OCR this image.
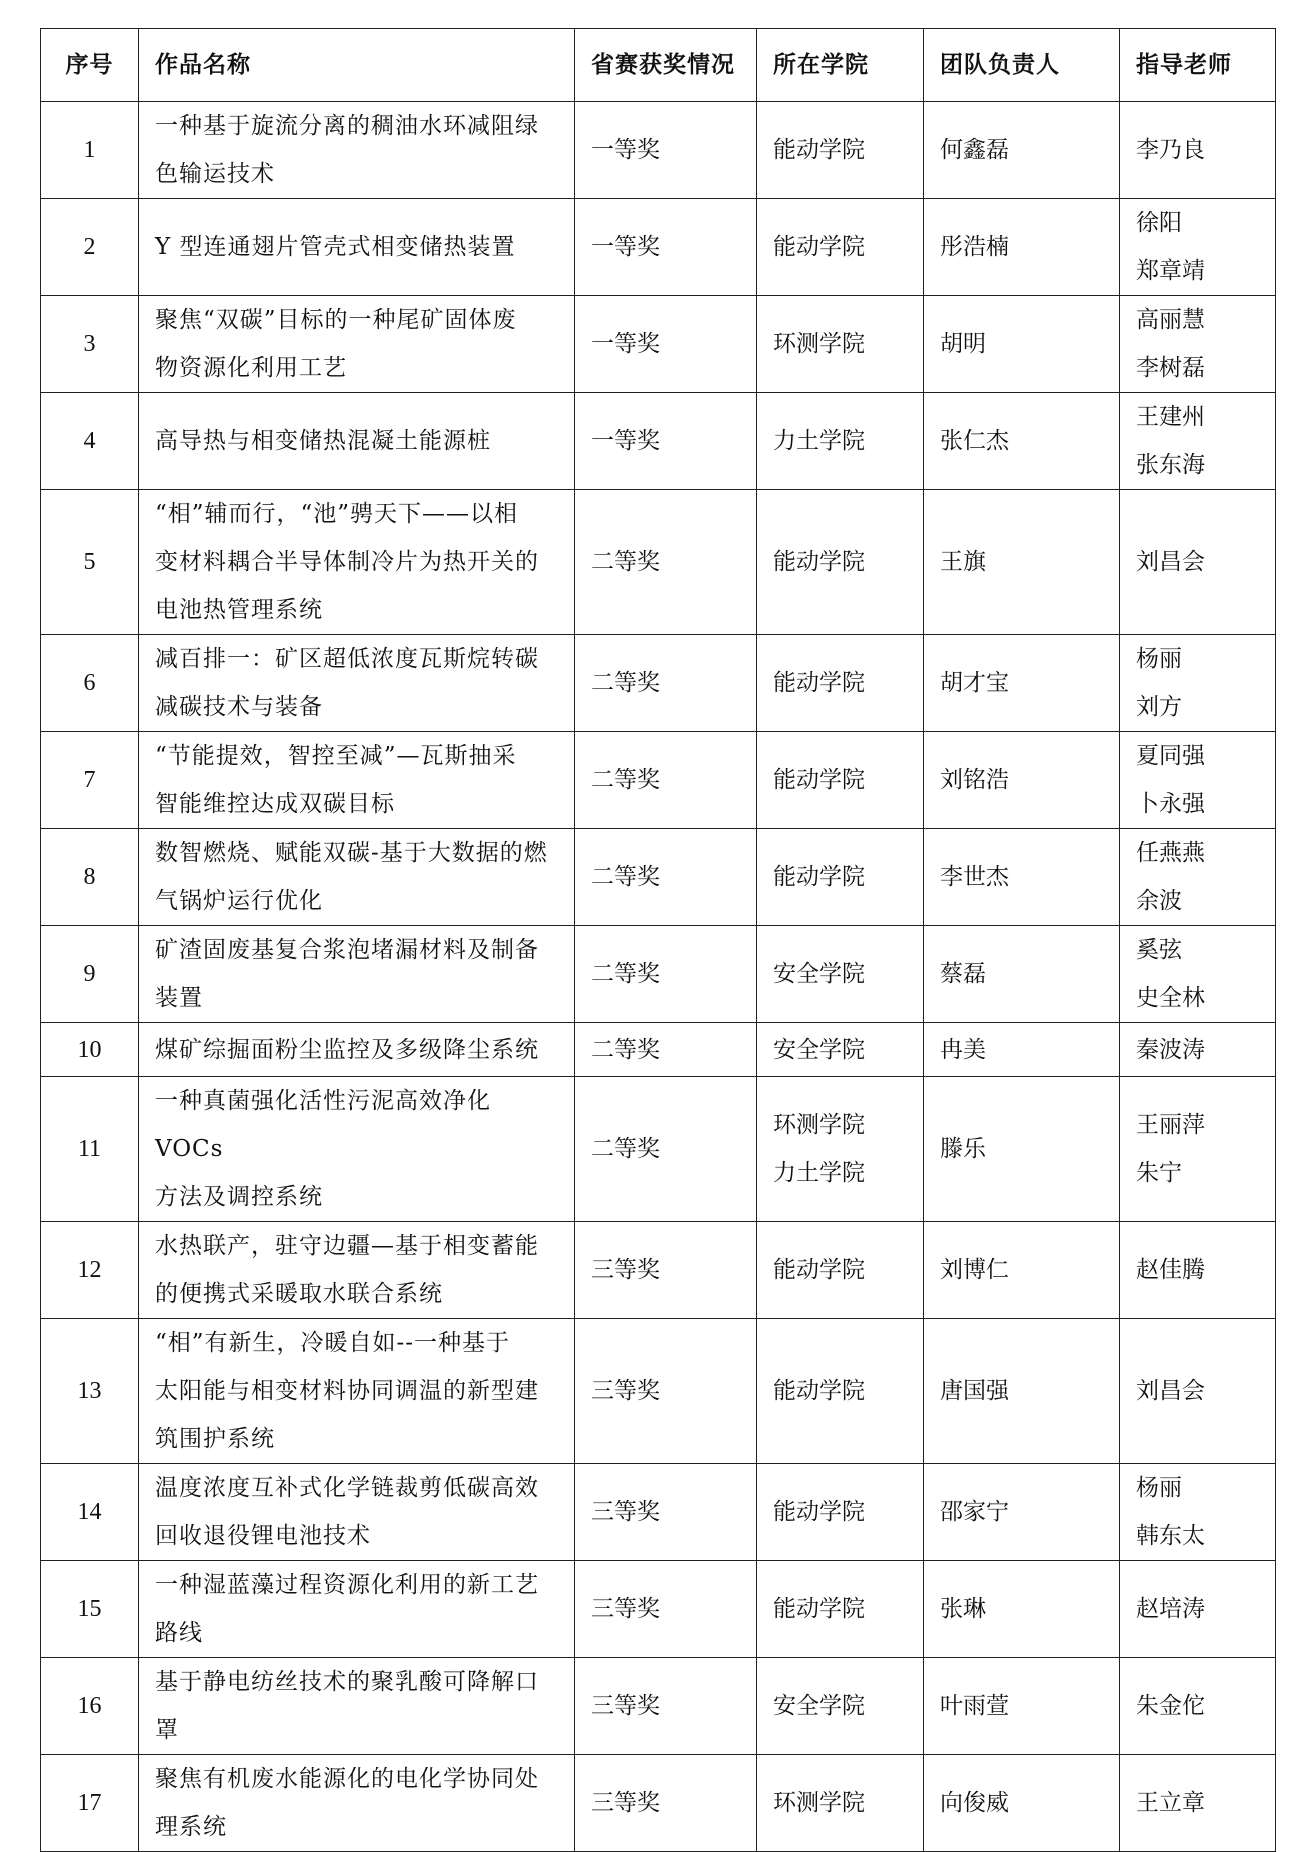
序号	作品名称	省赛获奖情况	所在学院	团队负责人	指导老师
1	一种基于旋流分离的稠油水环减阻绿
色输运技术	一等奖	能动学院	何鑫磊	李乃良

2	Y 型连通翅片管壳式相变储热装置	一等奖	能动学院	彤浩楠	徐阳
郑章靖

3	聚焦“双碳”目标的一种尾矿固体废
物资源化利用工艺	一等奖	环测学院	胡明	高丽慧
李树磊

4	高导热与相变储热混凝土能源桩	一等奖	力土学院	张仁杰	王建州
张东海

5	“相”辅而行，“池”骋天下——以相
变材料耦合半导体制冷片为热开关的
电池热管理系统	二等奖	能动学院	王旗	刘昌会

6	减百排一：矿区超低浓度瓦斯烷转碳
减碳技术与装备	二等奖	能动学院	胡才宝	杨丽
刘方

7	“节能提效，智控至减”—瓦斯抽采
智能维控达成双碳目标	二等奖	能动学院	刘铭浩	夏同强
卜永强

8	数智燃烧、赋能双碳-基于大数据的燃
气锅炉运行优化	二等奖	能动学院	李世杰	任燕燕
余波

9	矿渣固废基复合浆泡堵漏材料及制备
装置	二等奖	安全学院	蔡磊	奚弦
史全林

10	煤矿综掘面粉尘监控及多级降尘系统	二等奖	安全学院	冉美	秦波涛

11	一种真菌强化活性污泥高效净化 VOCs
方法及调控系统	二等奖	环测学院
力土学院	滕乐	王丽萍
朱宁

12	水热联产，驻守边疆—基于相变蓄能
的便携式采暖取水联合系统	三等奖	能动学院	刘博仁	赵佳腾

13	“相”有新生，冷暖自如--一种基于
太阳能与相变材料协同调温的新型建
筑围护系统	三等奖	能动学院	唐国强	刘昌会

14	温度浓度互补式化学链裁剪低碳高效
回收退役锂电池技术	三等奖	能动学院	邵家宁	杨丽
韩东太

15	一种湿蓝藻过程资源化利用的新工艺
路线	三等奖	能动学院	张琳	赵培涛

16	基于静电纺丝技术的聚乳酸可降解口
罩	三等奖	安全学院	叶雨萱	朱金佗

17	聚焦有机废水能源化的电化学协同处
理系统	三等奖	环测学院	向俊威	王立章
